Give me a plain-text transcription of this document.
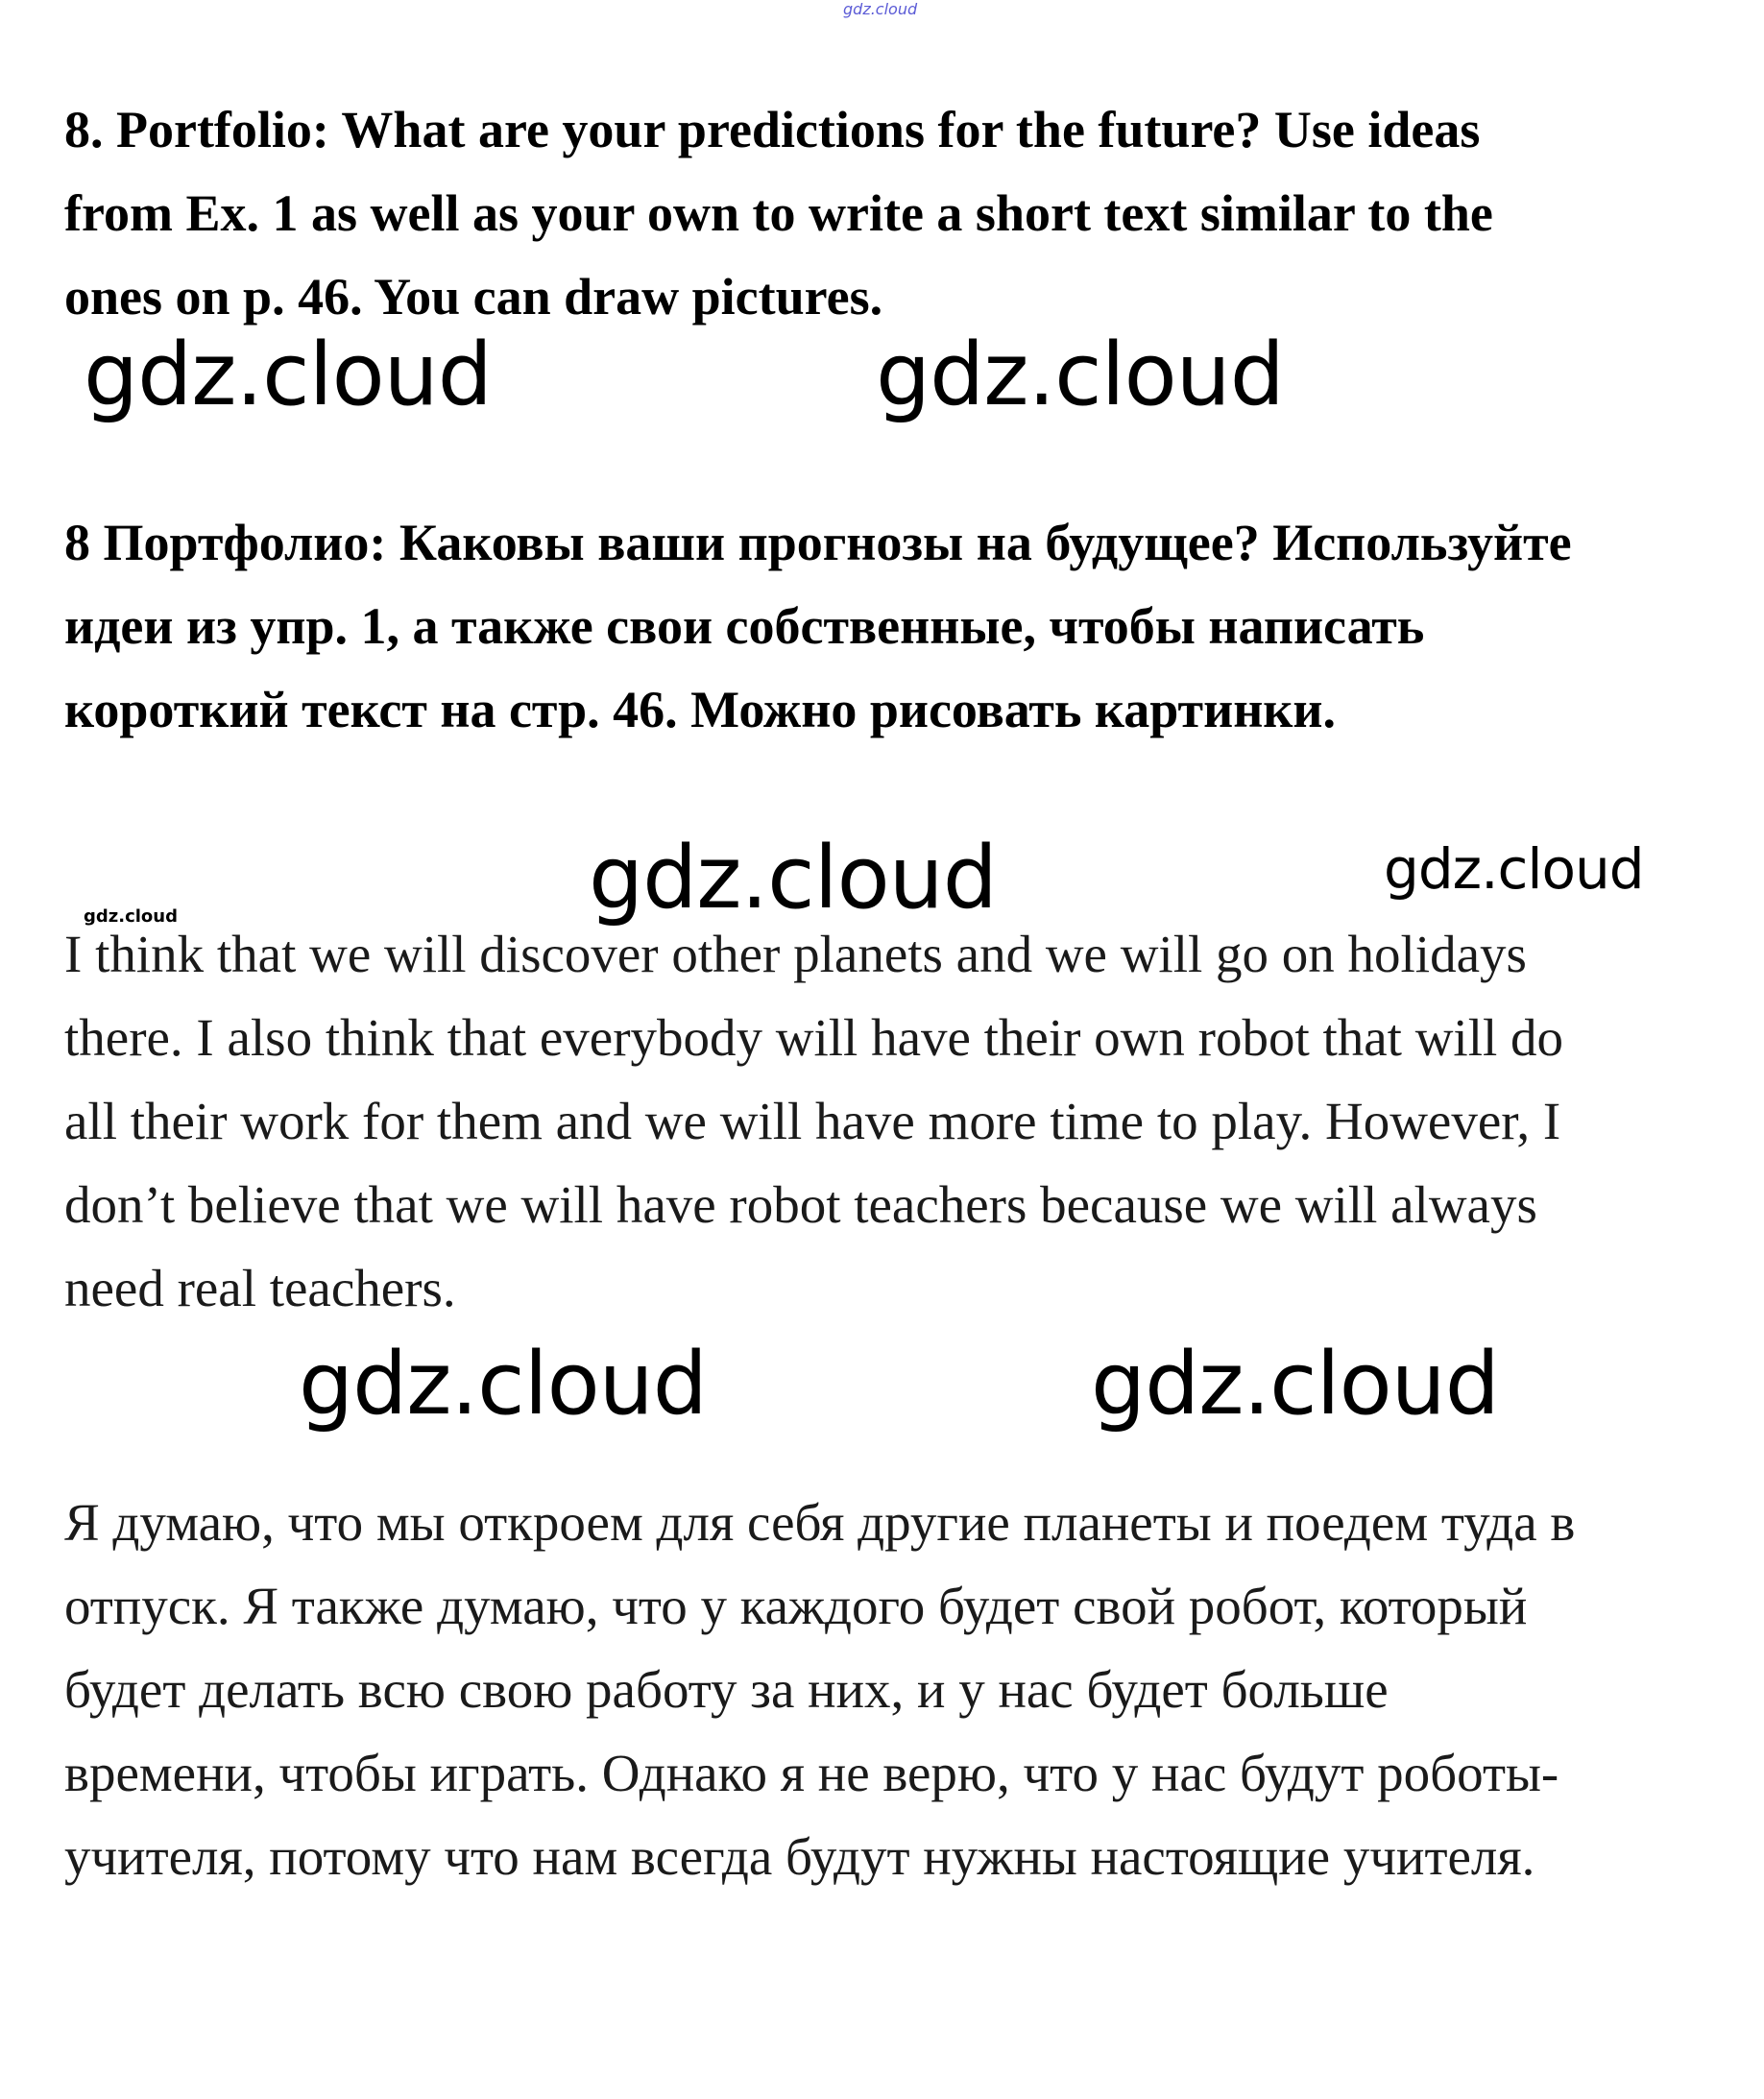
gdz.cloud
8. Portfolio: What are your predictions for the future? Use ideas
from Ex. 1 as well as your own to write a short text similar to the
ones on p. 46. You can draw pictures.
gdz.cloud	gdz.cloud
8 Портфолио: Каковы ваши прогнозы на будущее? Используйте
идеи из упр. 1, а также свои собственные, чтобы написать
короткий текст на стр. 46. Можно рисовать картинки.
gdz.cloud	gdz.cloud
gdz.cloud
I think that we will discover other planets and we will go on holidays
there. I also think that everybody will have their own robot that will do
all their work for them and we will have more time to play. However, I
don’t believe that we will have robot teachers because we will always
need real teachers.
gdz.cloud	gdz.cloud
Я думаю, что мы откроем для себя другие планеты и поедем туда в
отпуск. Я также думаю, что у каждого будет свой робот, который
будет делать всю свою работу за них, и у нас будет больше
времени, чтобы играть. Однако я не верю, что у нас будут роботы-
учителя, потому что нам всегда будут нужны настоящие учителя.
